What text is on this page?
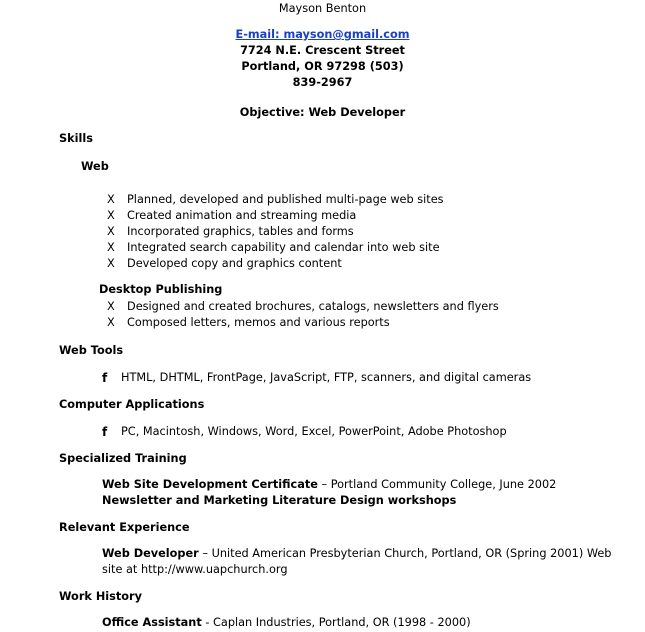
Mayson Benton
E-mail: mayson@gmail.com
7724 N.E. Crescent Street
Portland, OR 97298 (503)
839-2967
Objective: Web Developer
Skills
Web
X	Planned, developed and published multi-page web sites
X	Created animation and streaming media
X	Incorporated graphics, tables and forms
X	Integrated search capability and calendar into web site
X	Developed copy and graphics content
Desktop Publishing
X	Designed and created brochures, catalogs, newsletters and flyers
X	Composed letters, memos and various reports
Web Tools
f HTML, DHTML, FrontPage, JavaScript, FTP, scanners, and digital cameras
Computer Applications
f PC, Macintosh, Windows, Word, Excel, PowerPoint, Adobe Photoshop
Specialized Training
Web Site Development Certificate – Portland Community College, June 2002
Newsletter and Marketing Literature Design workshops
Relevant Experience
Web Developer – United American Presbyterian Church, Portland, OR (Spring 2001) Web
site at http://www.uapchurch.org
Work History
Office Assistant - Caplan Industries, Portland, OR (1998 - 2000)
